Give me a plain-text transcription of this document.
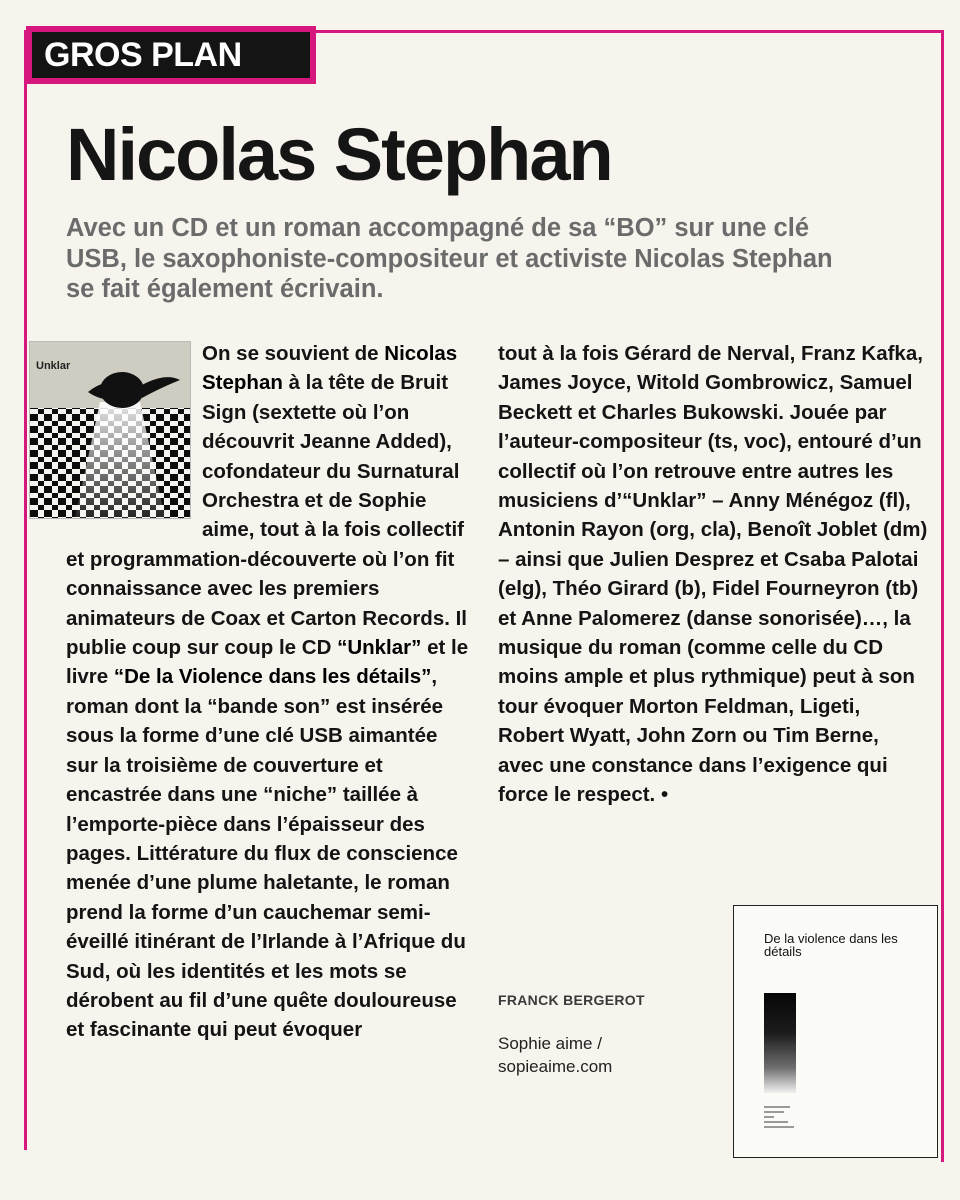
GROS PLAN
Nicolas Stephan

Avec un CD et un roman accompagné de sa “BO” sur une clé USB, le saxophoniste-compositeur et activiste Nicolas Stephan se fait également écrivain.

Unklar

On se souvient de Nicolas Stephan à la tête de Bruit Sign (sextette où l’on découvrit Jeanne Added), cofondateur du Surnatural Orchestra et de Sophie aime, tout à la fois collectif et programmation-découverte où l’on fit connaissance avec les premiers animateurs de Coax et Carton Records. Il publie coup sur coup le CD “Unklar” et le livre “De la Violence dans les détails”, roman dont la “bande son” est insérée sous la forme d’une clé USB aimantée sur la troisième de couverture et encastrée dans une “niche” taillée à l’emporte-pièce dans l’épaisseur des pages. Littérature du flux de conscience menée d’une plume haletante, le roman prend la forme d’un cauchemar semi-éveillé itinérant de l’Irlande à l’Afrique du Sud, où les identités et les mots se dérobent au fil d’une quête douloureuse et fascinante qui peut évoquer

tout à la fois Gérard de Nerval, Franz Kafka, James Joyce, Witold Gombrowicz, Samuel Beckett et Charles Bukowski. Jouée par l’auteur-compositeur (ts, voc), entouré d’un collectif où l’on retrouve entre autres les musiciens d’“Unklar” – Anny Ménégoz (fl), Antonin Rayon (org, cla), Benoît Joblet (dm) – ainsi que Julien Desprez et Csaba Palotai (elg), Théo Girard (b), Fidel Fourneyron (tb) et Anne Palomerez (danse sonorisée)…, la musique du roman (comme celle du CD moins ample et plus rythmique) peut à son tour évoquer Morton Feldman, Ligeti, Robert Wyatt, John Zorn ou Tim Berne, avec une constance dans l’exigence qui force le respect. •

FRANCK BERGEROT

Sophie aime /
sopieaime.com

De la violence dans les détails
